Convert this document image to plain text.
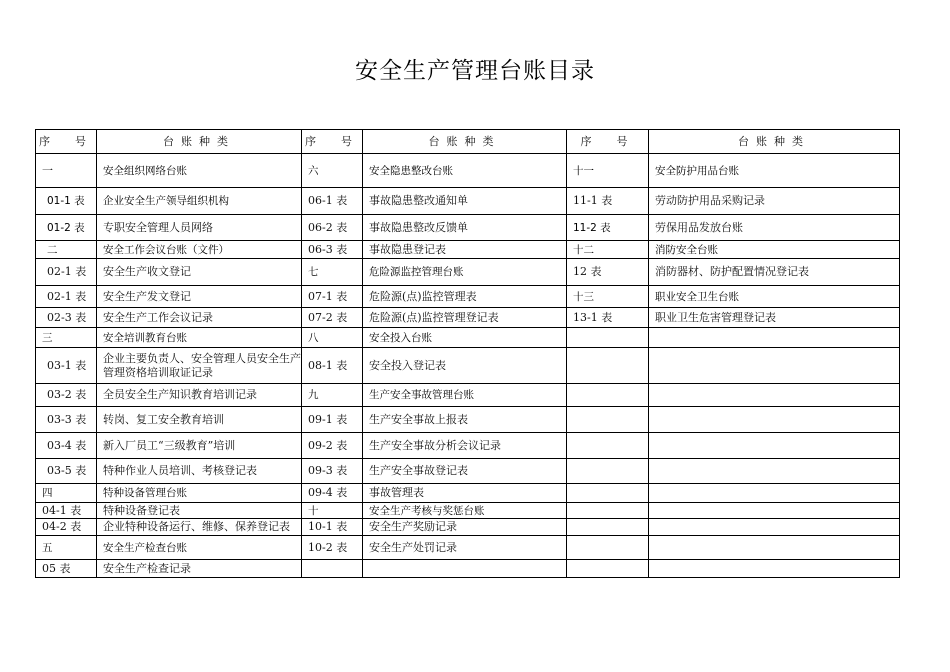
安全生产管理台账目录
序　号	台账种类	序　号	台账种类	序　号	台账种类
一	安全组织网络台账	六	安全隐患整改台账	十一	安全防护用品台账
01-1 表	企业安全生产领导组织机构	06-1 表	事故隐患整改通知单	11-1 表	劳动防护用品采购记录
01-2 表	专职安全管理人员网络	06-2 表	事故隐患整改反馈单	11-2 表	劳保用品发放台账
二	安全工作会议台账（文件）	06-3 表	事故隐患登记表	十二	消防安全台账
02-1 表	安全生产收文登记	七	危险源监控管理台账	12 表	消防器材、防护配置情况登记表
02-1 表	安全生产发文登记	07-1 表	危险源(点)监控管理表	十三	职业安全卫生台账
02-3 表	安全生产工作会议记录	07-2 表	危险源(点)监控管理登记表	13-1 表	职业卫生危害管理登记表
三	安全培训教育台账	八	安全投入台账		
03-1 表	企业主要负责人、安全管理人员安全生产管理资格培训取证记录	08-1 表	安全投入登记表		
03-2 表	全员安全生产知识教育培训记录	九	生产安全事故管理台账		
03-3 表	转岗、复工安全教育培训	09-1 表	生产安全事故上报表		
03-4 表	新入厂员工“三级教育”培训	09-2 表	生产安全事故分析会议记录		
03-5 表	特种作业人员培训、考核登记表	09-3 表	生产安全事故登记表		
四	特种设备管理台账	09-4 表	事故管理表		
04-1 表	特种设备登记表	十	安全生产考核与奖惩台账		
04-2 表	企业特种设备运行、维修、保养登记表	10-1 表	安全生产奖励记录		
五	安全生产检查台账	10-2 表	安全生产处罚记录		
05 表	安全生产检查记录				
